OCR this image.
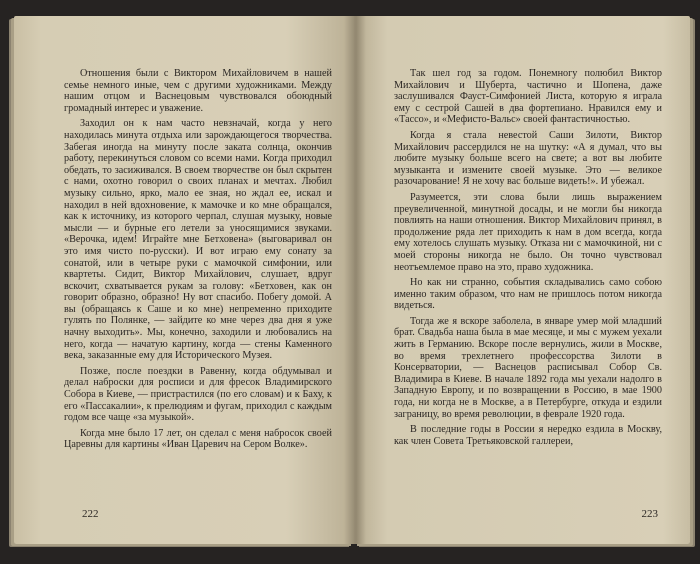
Отношения были с Виктором Михайловичем в нашей семье немного иные, чем с другими художниками. Между нашим отцом и Васнецовым чувствовался обоюдный громадный интерес и уважение.

Заходил он к нам часто невзначай, когда у него находилась минута отдыха или зарождающегося творчества. Забегая иногда на минуту после заката солнца, окончив работу, перекинуться словом со всеми нами. Когда приходил обедать, то засиживался. В своем творчестве он был скрытен с нами, охотно говорил о своих планах и мечтах. Любил музыку сильно, ярко, мало ее зная, но ждал ее, искал и находил в ней вдохновение, к мамочке и ко мне обращался, как к источнику, из которого черпал, слушая музыку, новые мысли — и бурные его летели за уносящимися звуками. «Верочка, идем! Играйте мне Бетховена» (выговаривал он это имя чисто по-русски). И вот играю ему сонату за сонатой, или в четыре руки с мамочкой симфонии, или квартеты. Сидит, Виктор Михайлович, слушает, вдруг вскочит, схватывается рукам за голову: «Бетховен, как он говорит образно, образно! Ну вот спасибо. Побегу домой. А вы (обращаясь к Саше и ко мне) непременно приходите гулять по Полянке, — зайдите ко мне через два дня я уже начну выходить». Мы, конечно, заходили и любовались на него, когда — начатую картину, когда — стены Каменного века, заказанные ему для Исторического Музея.

Позже, после поездки в Равенну, когда обдумывал и делал наброски для росписи и для фресок Владимирского Собора в Киеве, — пристрастился (по его словам) и к Баху, к его «Пассакалии», к прелюдиям и фугам, приходил с каждым годом все чаще «за музыкой».

Когда мне было 17 лет, он сделал с меня набросок своей Царевны для картины «Иван Царевич на Сером Волке».

222

Так шел год за годом. Понемногу полюбил Виктор Михайлович и Шуберта, частично и Шопена, даже заслушивался Фауст-Симфонией Листа, которую я играла ему с сестрой Сашей в два фортепиано. Нравился ему и «Тассо», и «Мефисто-Вальс» своей фантастичностью.

Когда я стала невестой Саши Зилоти, Виктор Михайлович рассердился не на шутку: «А я думал, что вы любите музыку больше всего на свете; а вот вы любите музыканта и измените своей музыке. Это — великое разочарование! Я не хочу вас больше видеть!». И убежал.

Разумеется, эти слова были лишь выражением преувеличенной, минутной досады, и не могли бы никогда повлиять на наши отношения. Виктор Михайлович принял, в продолжение ряда лет приходить к нам в дом всегда, когда ему хотелось слушать музыку. Отказа ни с мамочкиной, ни с моей стороны никогда не было. Он точно чувствовал неотъемлемое право на это, право художника.

Но как ни странно, события складывались само собою именно таким образом, что нам не пришлось потом никогда видеться.

Тогда же я вскоре заболела, в январе умер мой младший брат. Свадьба наша была в мае месяце, и мы с мужем уехали жить в Германию. Вскоре после вернулись, жили в Москве, во время трехлетнего профессорства Зилоти в Консерватории, — Васнецов расписывал Собор Св. Владимира в Киеве. В начале 1892 года мы уехали надолго в Западную Европу, и по возвращении в Россию, в мае 1900 года, ни когда не в Москве, а в Петербурге, откуда и ездили заграницу, во время революции, в феврале 1920 года.

В последние годы в России я нередко ездила в Москву, как член Совета Третьяковской галлереи,

223
